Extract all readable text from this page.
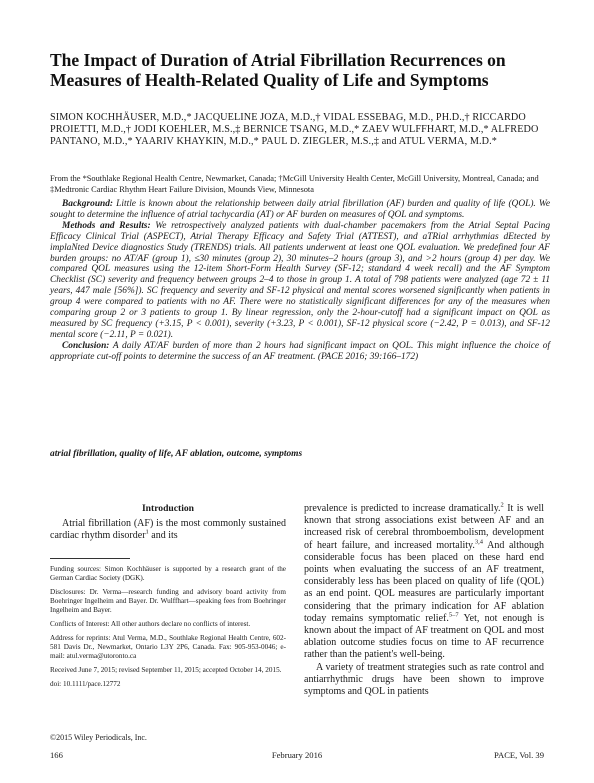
The Impact of Duration of Atrial Fibrillation Recurrences on Measures of Health-Related Quality of Life and Symptoms

SIMON KOCHHÄUSER, M.D.,* JACQUELINE JOZA, M.D.,† VIDAL ESSEBAG, M.D., PH.D.,† RICCARDO PROIETTI, M.D.,† JODI KOEHLER, M.S.,‡ BERNICE TSANG, M.D.,* ZAEV WULFFHART, M.D.,* ALFREDO PANTANO, M.D.,* YAARIV KHAYKIN, M.D.,* PAUL D. ZIEGLER, M.S.,‡ and ATUL VERMA, M.D.*

From the *Southlake Regional Health Centre, Newmarket, Canada; †McGill University Health Center, McGill University, Montreal, Canada; and ‡Medtronic Cardiac Rhythm Heart Failure Division, Mounds View, Minnesota

Background: Little is known about the relationship between daily atrial fibrillation (AF) burden and quality of life (QOL). We sought to determine the influence of atrial tachycardia (AT) or AF burden on measures of QOL and symptoms.

Methods and Results: We retrospectively analyzed patients with dual-chamber pacemakers from the Atrial Septal Pacing Efficacy Clinical Trial (ASPECT), Atrial Therapy Efficacy and Safety Trial (ATTEST), and aTRial arrhythmias dEtected by implaNted Device diagnostics Study (TRENDS) trials. All patients underwent at least one QOL evaluation. We predefined four AF burden groups: no AT/AF (group 1), ≤30 minutes (group 2), 30 minutes–2 hours (group 3), and >2 hours (group 4) per day. We compared QOL measures using the 12-item Short-Form Health Survey (SF-12; standard 4 week recall) and the AF Symptom Checklist (SC) severity and frequency between groups 2–4 to those in group 1. A total of 798 patients were analyzed (age 72 ± 11 years, 447 male [56%]). SC frequency and severity and SF-12 physical and mental scores worsened significantly when patients in group 4 were compared to patients with no AF. There were no statistically significant differences for any of the measures when comparing group 2 or 3 patients to group 1. By linear regression, only the 2-hour-cutoff had a significant impact on QOL as measured by SC frequency (+3.15, P < 0.001), severity (+3.23, P < 0.001), SF-12 physical score (−2.42, P = 0.013), and SF-12 mental score (−2.11, P = 0.021).

Conclusion: A daily AT/AF burden of more than 2 hours had significant impact on QOL. This might influence the choice of appropriate cut-off points to determine the success of an AF treatment. (PACE 2016; 39:166–172)

atrial fibrillation, quality of life, AF ablation, outcome, symptoms

Introduction

Atrial fibrillation (AF) is the most commonly sustained cardiac rhythm disorder$^1$ and its

Funding sources: Simon Kochhäuser is supported by a research grant of the German Cardiac Society (DGK).

Disclosures: Dr. Verma—research funding and advisory board activity from Boehringer Ingelheim and Bayer. Dr. Wulffhart—speaking fees from Boehringer Ingelheim and Bayer.

Conflicts of Interest: All other authors declare no conflicts of interest.

Address for reprints: Atul Verma, M.D., Southlake Regional Health Centre, 602-581 Davis Dr., Newmarket, Ontario L3Y 2P6, Canada. Fax: 905-953-0046; e-mail: atul.verma@utoronto.ca

Received June 7, 2015; revised September 11, 2015; accepted October 14, 2015.

doi: 10.1111/pace.12772

prevalence is predicted to increase dramatically.$^2$ It is well known that strong associations exist between AF and an increased risk of cerebral thromboembolism, development of heart failure, and increased mortality.$^{3,4}$ And although considerable focus has been placed on these hard end points when evaluating the success of an AF treatment, considerably less has been placed on quality of life (QOL) as an end point. QOL measures are particularly important considering that the primary indication for AF ablation today remains symptomatic relief.$^{5-7}$ Yet, not enough is known about the impact of AF treatment on QOL and most ablation outcome studies focus on time to AF recurrence rather than the patient's well-being.

A variety of treatment strategies such as rate control and antiarrhythmic drugs have been shown to improve symptoms and QOL in patients

©2015 Wiley Periodicals, Inc.

166	February 2016	PACE, Vol. 39
